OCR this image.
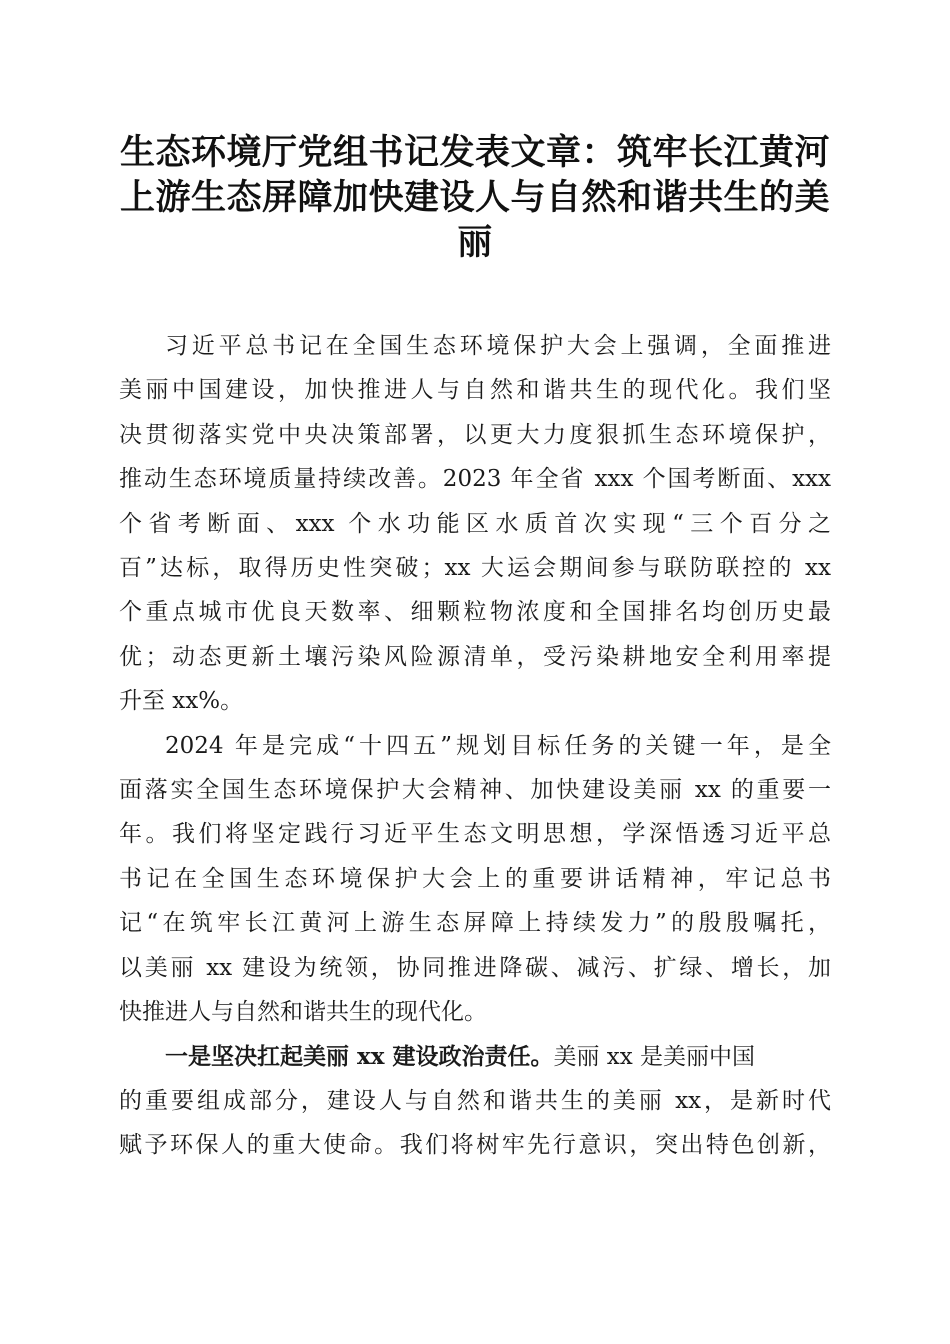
生态环境厅党组书记发表文章：筑牢长江黄河
上游生态屏障加快建设人与自然和谐共生的美
丽
习近平总书记在全国生态环境保护大会上强调，全面推进
美丽中国建设，加快推进人与自然和谐共生的现代化。我们坚
决贯彻落实党中央决策部署，以更大力度狠抓生态环境保护，
推动生态环境质量持续改善。2023 年全省 xxx 个国考断面、xxx
个省考断面、xxx 个水功能区水质首次实现“三个百分之
百”达标，取得历史性突破；xx 大运会期间参与联防联控的 xx
个重点城市优良天数率、细颗粒物浓度和全国排名均创历史最
优；动态更新土壤污染风险源清单，受污染耕地安全利用率提
升至 xx%。
2024 年是完成“十四五”规划目标任务的关键一年，是全
面落实全国生态环境保护大会精神、加快建设美丽 xx 的重要一
年。我们将坚定践行习近平生态文明思想，学深悟透习近平总
书记在全国生态环境保护大会上的重要讲话精神，牢记总书
记“在筑牢长江黄河上游生态屏障上持续发力”的殷殷嘱托，
以美丽 xx 建设为统领，协同推进降碳、减污、扩绿、增长，加
快推进人与自然和谐共生的现代化。
一是坚决扛起美丽 xx 建设政治责任。美丽 xx 是美丽中国
的重要组成部分，建设人与自然和谐共生的美丽 xx，是新时代
赋予环保人的重大使命。我们将树牢先行意识，突出特色创新，
